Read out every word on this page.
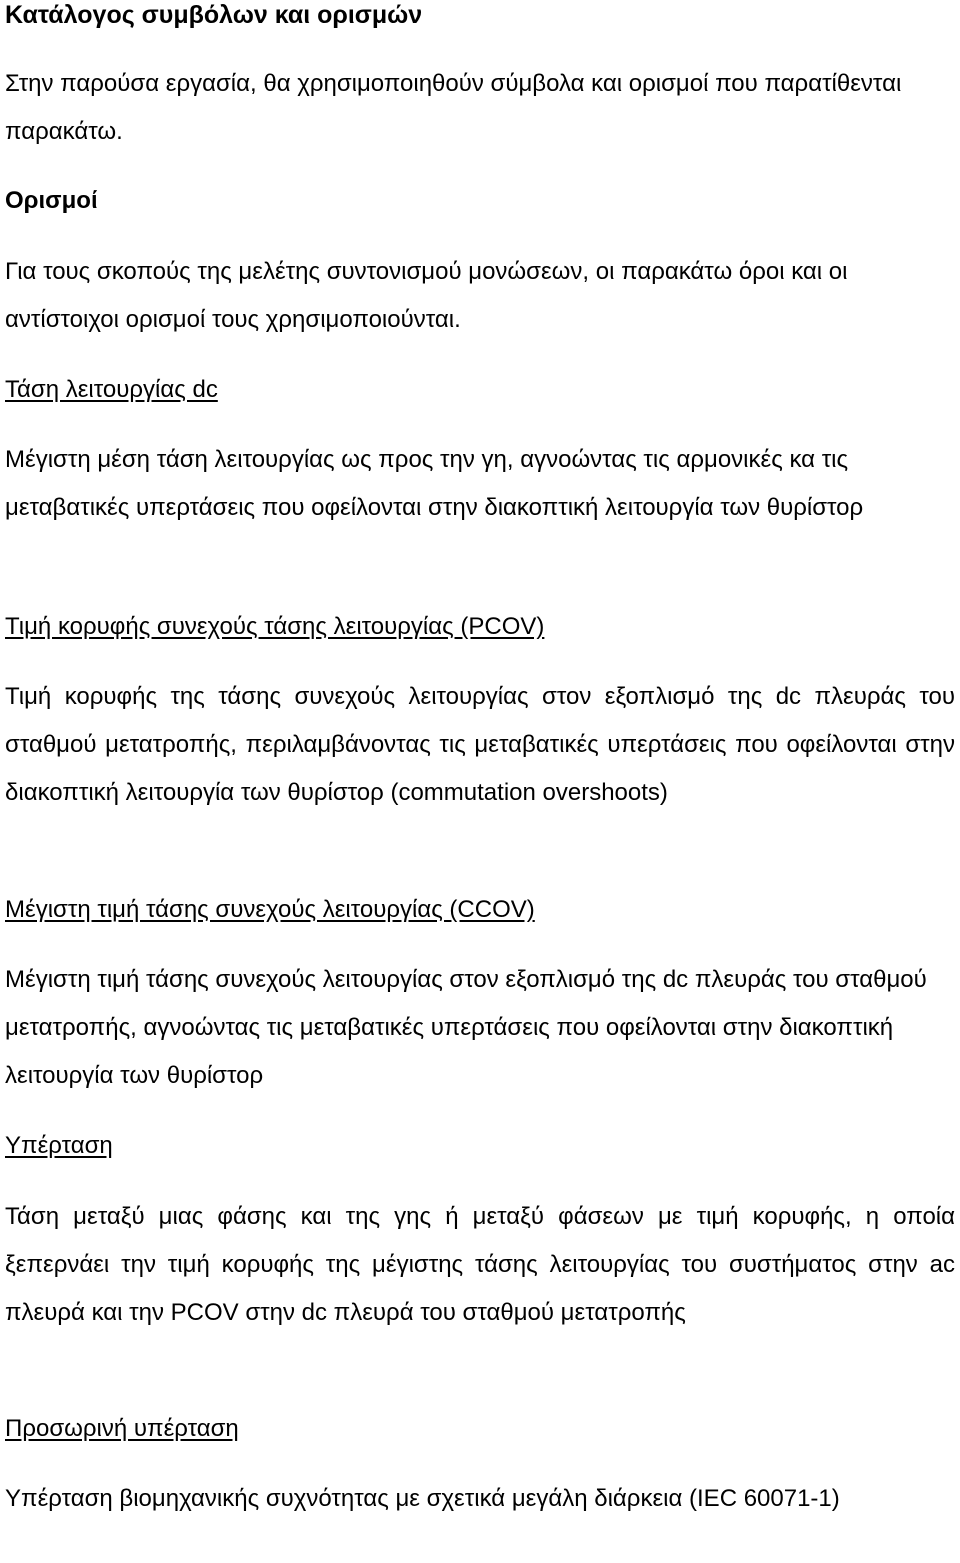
Κατάλογος συμβόλων και ορισμών

Στην παρούσα εργασία, θα χρησιμοποιηθούν σύμβολα και ορισμοί που παρατίθενται παρακάτω.

Ορισμοί

Για τους σκοπούς της μελέτης συντονισμού μονώσεων, οι παρακάτω όροι και οι αντίστοιχοι ορισμοί τους χρησιμοποιούνται.

Τάση λειτουργίας dc

Μέγιστη μέση τάση λειτουργίας ως προς την γη, αγνοώντας τις αρμονικές κα τις μεταβατικές υπερτάσεις που οφείλονται στην διακοπτική λειτουργία των θυρίστορ

Τιμή κορυφής συνεχούς τάσης λειτουργίας (PCOV)

Τιμή κορυφής της τάσης συνεχούς λειτουργίας στον εξοπλισμό της dc πλευράς του σταθμού μετατροπής, περιλαμβάνοντας τις μεταβατικές υπερτάσεις που οφείλονται στην διακοπτική λειτουργία των θυρίστορ (commutation overshoots)

Μέγιστη τιμή τάσης συνεχούς λειτουργίας (CCOV)

Μέγιστη τιμή τάσης συνεχούς λειτουργίας στον εξοπλισμό της dc πλευράς του σταθμού μετατροπής, αγνοώντας τις μεταβατικές υπερτάσεις που οφείλονται στην διακοπτική λειτουργία των θυρίστορ

Υπέρταση

Τάση μεταξύ μιας φάσης και της γης ή μεταξύ φάσεων με τιμή κορυφής, η οποία ξεπερνάει την τιμή κορυφής της μέγιστης τάσης λειτουργίας του συστήματος στην ac πλευρά και την PCOV στην dc πλευρά του σταθμού μετατροπής

Προσωρινή υπέρταση

Υπέρταση βιομηχανικής συχνότητας με σχετικά μεγάλη διάρκεια (IEC 60071-1)
